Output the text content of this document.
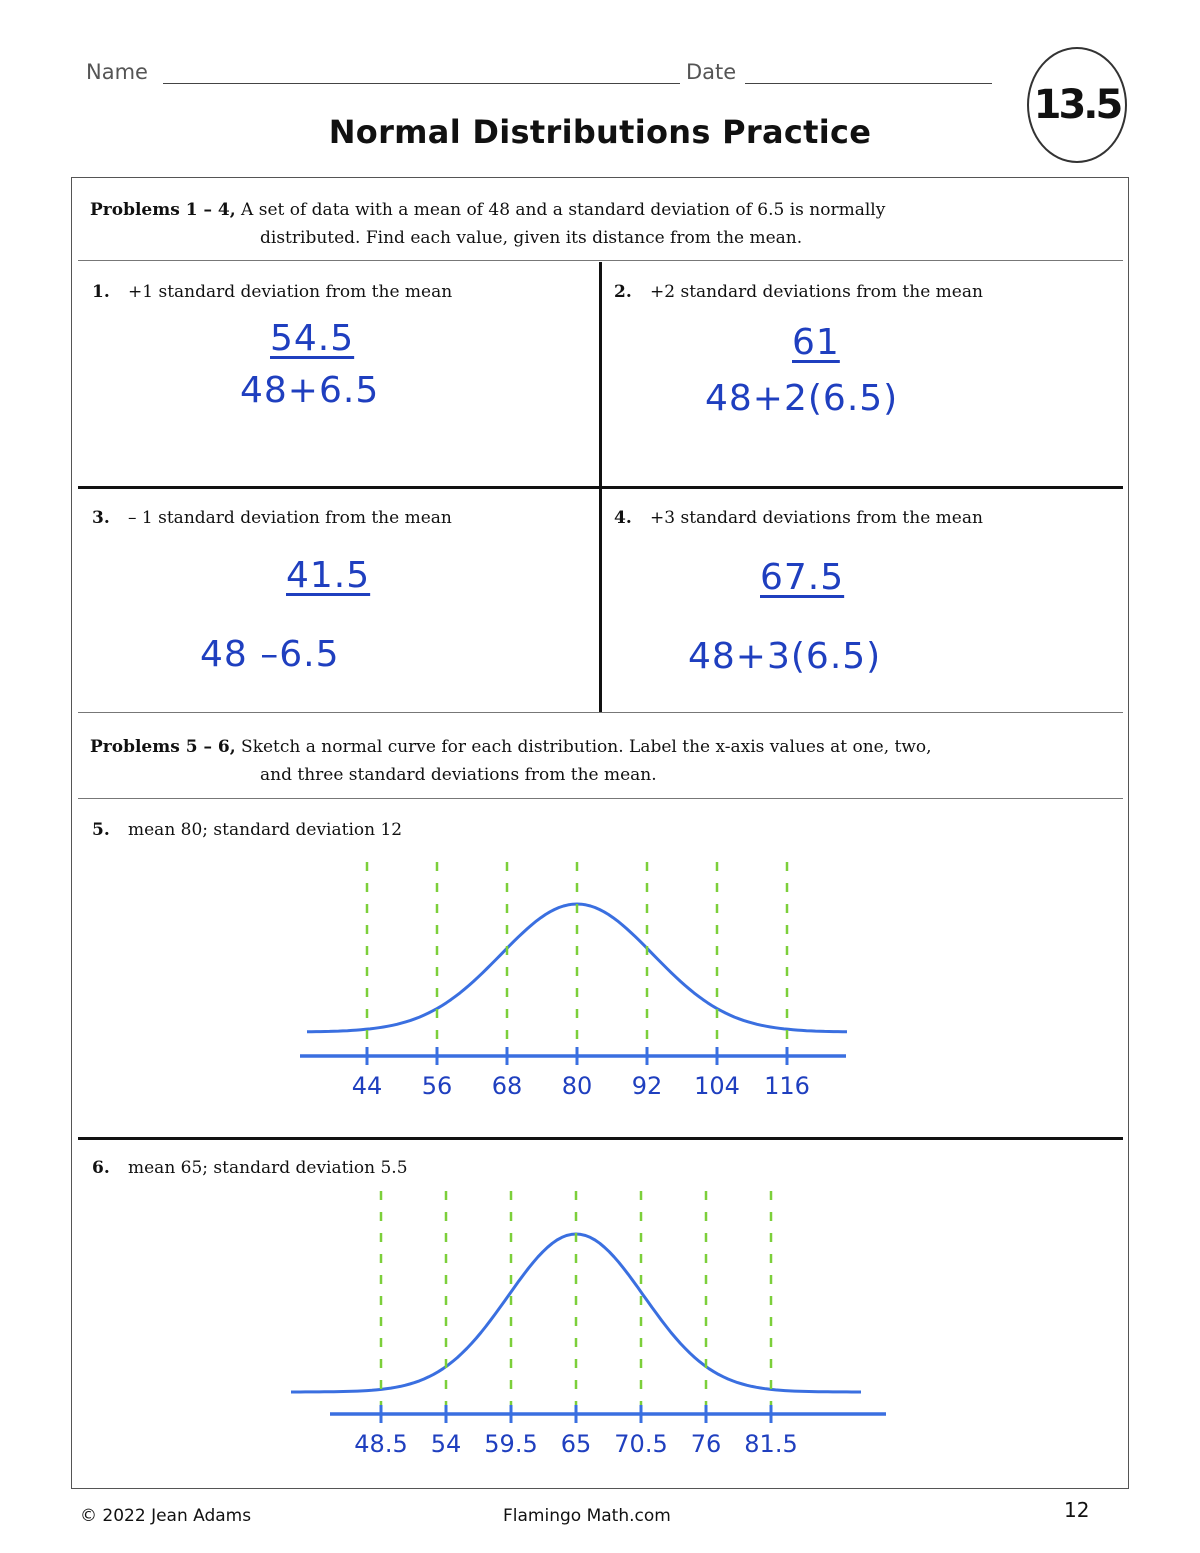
Name	Date
13.5
Normal Distributions Practice
Problems 1 – 4, A set of data with a mean of 48 and a standard deviation of 6.5 is normally
distributed. Find each value, given its distance from the mean.
1. +1 standard deviation from the mean
54.5
48+6.5
2. +2 standard deviations from the mean
61
48+2(6.5)
3. – 1 standard deviation from the mean
41.5
48 –6.5
4. +3 standard deviations from the mean
67.5
48+3(6.5)
Problems 5 – 6, Sketch a normal curve for each distribution. Label the x-axis values at one, two,
and three standard deviations from the mean.
5. mean 80; standard deviation 12
44 56 68 80 92 104 116
6. mean 65; standard deviation 5.5
48.5 54 59.5 65 70.5 76 81.5
© 2022 Jean Adams	Flamingo Math.com	12
